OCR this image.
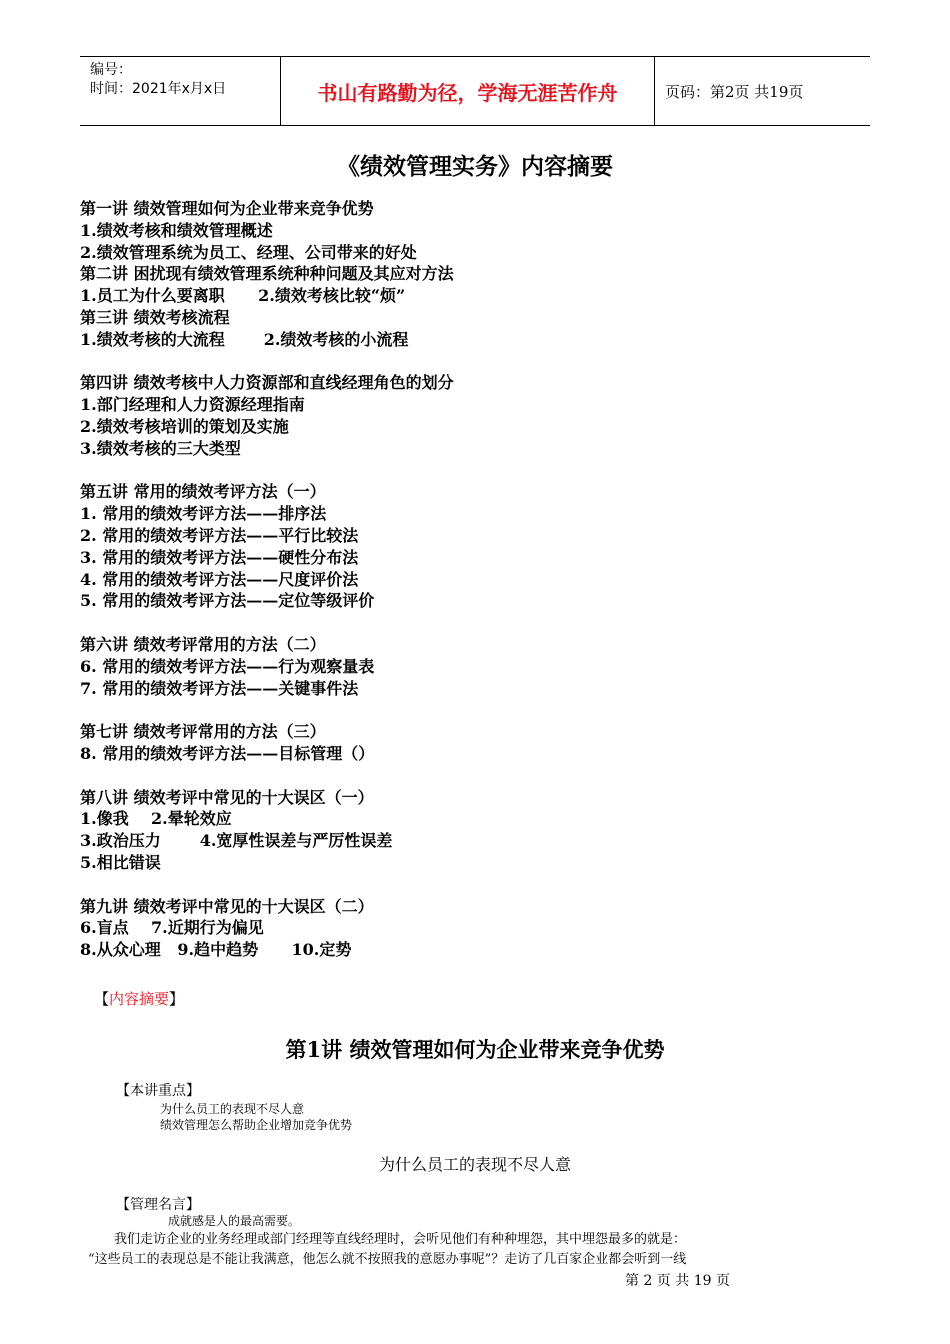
编号：
时间：2021年x月x日	书山有路勤为径，学海无涯苦作舟	页码：第2页 共19页
《绩效管理实务》内容摘要
第一讲 绩效管理如何为企业带来竞争优势
1.绩效考核和绩效管理概述
2.绩效管理系统为员工、经理、公司带来的好处
第二讲 困扰现有绩效管理系统种种问题及其应对方法
1.员工为什么要离职      2.绩效考核比较“烦”
第三讲 绩效考核流程
1.绩效考核的大流程       2.绩效考核的小流程
第四讲 绩效考核中人力资源部和直线经理角色的划分
1.部门经理和人力资源经理指南
2.绩效考核培训的策划及实施
3.绩效考核的三大类型
第五讲 常用的绩效考评方法（一）
1. 常用的绩效考评方法——排序法
2. 常用的绩效考评方法——平行比较法
3. 常用的绩效考评方法——硬性分布法
4. 常用的绩效考评方法——尺度评价法
5. 常用的绩效考评方法——定位等级评价
第六讲 绩效考评常用的方法（二）
6. 常用的绩效考评方法——行为观察量表
7. 常用的绩效考评方法——关键事件法
第七讲 绩效考评常用的方法（三）
8. 常用的绩效考评方法——目标管理（）
第八讲 绩效考评中常见的十大误区（一）
1.像我    2.晕轮效应
3.政治压力       4.宽厚性误差与严厉性误差
5.相比错误
第九讲 绩效考评中常见的十大误区（二）
6.盲点    7.近期行为偏见
8.从众心理   9.趋中趋势      10.定势
【内容摘要】
第1讲 绩效管理如何为企业带来竞争优势
【本讲重点】
为什么员工的表现不尽人意
绩效管理怎么帮助企业增加竞争优势
为什么员工的表现不尽人意
【管理名言】
成就感是人的最高需要。
　　我们走访企业的业务经理或部门经理等直线经理时，会听见他们有种种埋怨，其中埋怨最多的就是：
“这些员工的表现总是不能让我满意，他怎么就不按照我的意愿办事呢”？走访了几百家企业都会听到一线
第 2 页 共 19 页
